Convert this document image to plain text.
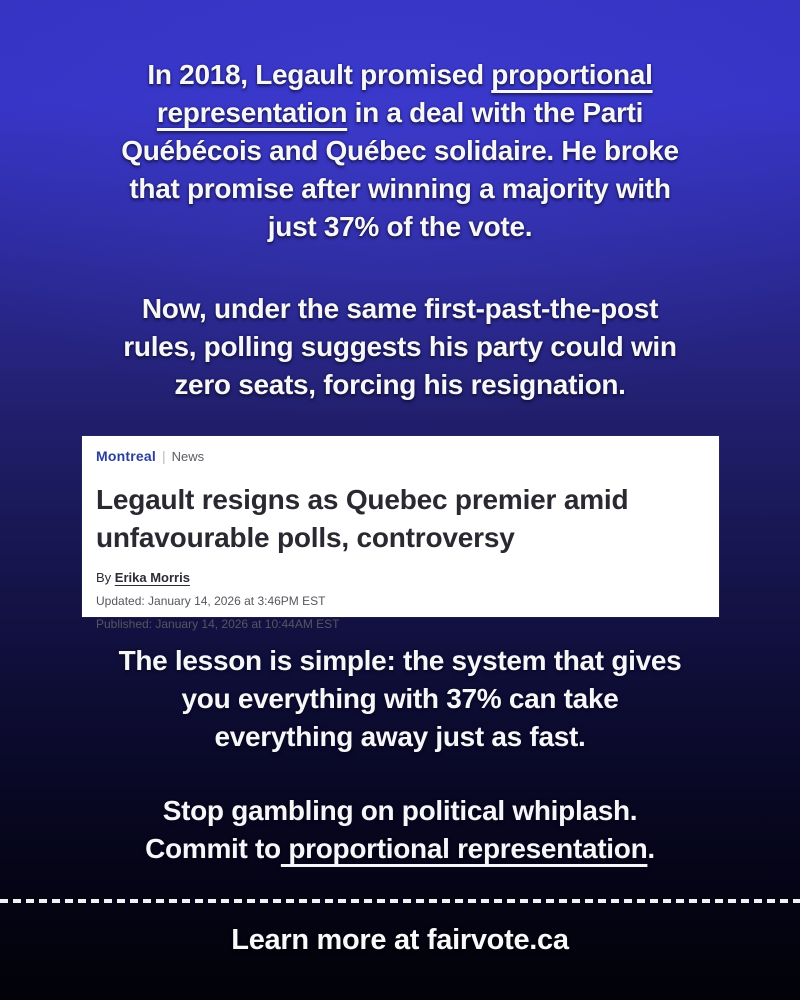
In 2018, Legault promised proportional
representation in a deal with the Parti
Québécois and Québec solidaire. He broke
that promise after winning a majority with
just 37% of the vote.
Now, under the same first-past-the-post
rules, polling suggests his party could win
zero seats, forcing his resignation.
Montreal | News
Legault resigns as Quebec premier amid unfavourable polls, controversy
By Erika Morris
Updated: January 14, 2026 at 3:46PM EST
Published: January 14, 2026 at 10:44AM EST
The lesson is simple: the system that gives
you everything with 37% can take
everything away just as fast.
Stop gambling on political whiplash.
Commit to proportional representation.
Learn more at fairvote.ca
